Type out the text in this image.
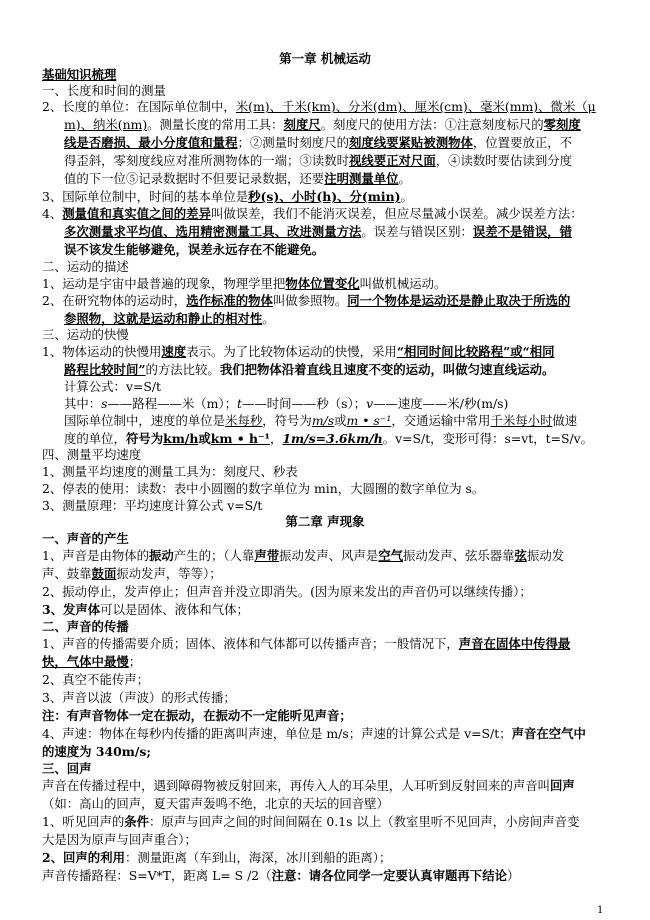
第一章 机械运动
基础知识梳理
一、长度和时间的测量
2、长度的单位：在国际单位制中，米(m)、千米(km)、分米(dm)、厘米(cm)、毫米(mm)、微米（μ
m)、纳米(nm)。测量长度的常用工具：刻度尺。刻度尺的使用方法：①注意刻度标尺的零刻度
线是否磨损、最小分度值和量程；②测量时刻度尺的刻度线要紧贴被测物体，位置要放正，不
得歪斜，零刻度线应对准所测物体的一端；③读数时视线要正对尺面，④读数时要估读到分度
值的下一位⑤记录数据时不但要记录数据，还要注明测量单位。
3、国际单位制中，时间的基本单位是秒(s)、小时(h)、分(min)。
4、测量值和真实值之间的差异叫做误差，我们不能消灭误差，但应尽量减小误差。减少误差方法：
多次测量求平均值、选用精密测量工具、改进测量方法。误差与错误区别：误差不是错误，错
误不该发生能够避免，误差永远存在不能避免。
二、运动的描述
1、运动是宇宙中最普遍的现象，物理学里把物体位置变化叫做机械运动。
2、在研究物体的运动时，选作标准的物体叫做参照物。同一个物体是运动还是静止取决于所选的
参照物，这就是运动和静止的相对性。
三、运动的快慢
1、物体运动的快慢用速度表示。为了比较物体运动的快慢，采用“相同时间比较路程”或“相同
路程比较时间”的方法比较。我们把物体沿着直线且速度不变的运动，叫做匀速直线运动。
计算公式：v=S/t
其中：s——路程——米（m）；t——时间——秒（s）；v——速度——米/秒(m/s)
国际单位制中，速度的单位是米每秒，符号为m/s或m • s⁻¹，交通运输中常用千米每小时做速
度的单位，符号为km/h或km • h⁻¹，1m/s=3.6km/h。v=S/t，变形可得：s=vt，t=S/v。
四、测量平均速度
1、测量平均速度的测量工具为：刻度尺、秒表
2、停表的使用：读数：表中小圆圈的数字单位为 min，大圆圈的数字单位为 s。
3、测量原理：平均速度计算公式 v=S/t
第二章 声现象
一、声音的产生
1、声音是由物体的振动产生的；（人靠声带振动发声、风声是空气振动发声、弦乐器靠弦振动发
声、鼓靠鼓面振动发声，等等）；
2、振动停止，发声停止；但声音并没立即消失。(因为原来发出的声音仍可以继续传播）；
3、发声体可以是固体、液体和气体；
二、声音的传播
1、声音的传播需要介质；固体、液体和气体都可以传播声音；一般情况下，声音在固体中传得最
快，气体中最慢；
2、真空不能传声；
3、声音以波（声波）的形式传播；
注：有声音物体一定在振动，在振动不一定能听见声音；
4、声速：物体在每秒内传播的距离叫声速，单位是 m/s；声速的计算公式是 v=S/t；声音在空气中
的速度为 340m/s;
三、回声
声音在传播过程中，遇到障碍物被反射回来，再传入人的耳朵里，人耳听到反射回来的声音叫回声
（如：高山的回声，夏天雷声轰鸣不绝，北京的天坛的回音壁）
1、听见回声的条件：原声与回声之间的时间间隔在 0.1s 以上（教室里听不见回声，小房间声音变
大是因为原声与回声重合）；
2、回声的利用：测量距离（车到山，海深，冰川到船的距离）；
声音传播路程：S=V*T，距离 L= S /2（注意：请各位同学一定要认真审题再下结论）
1
